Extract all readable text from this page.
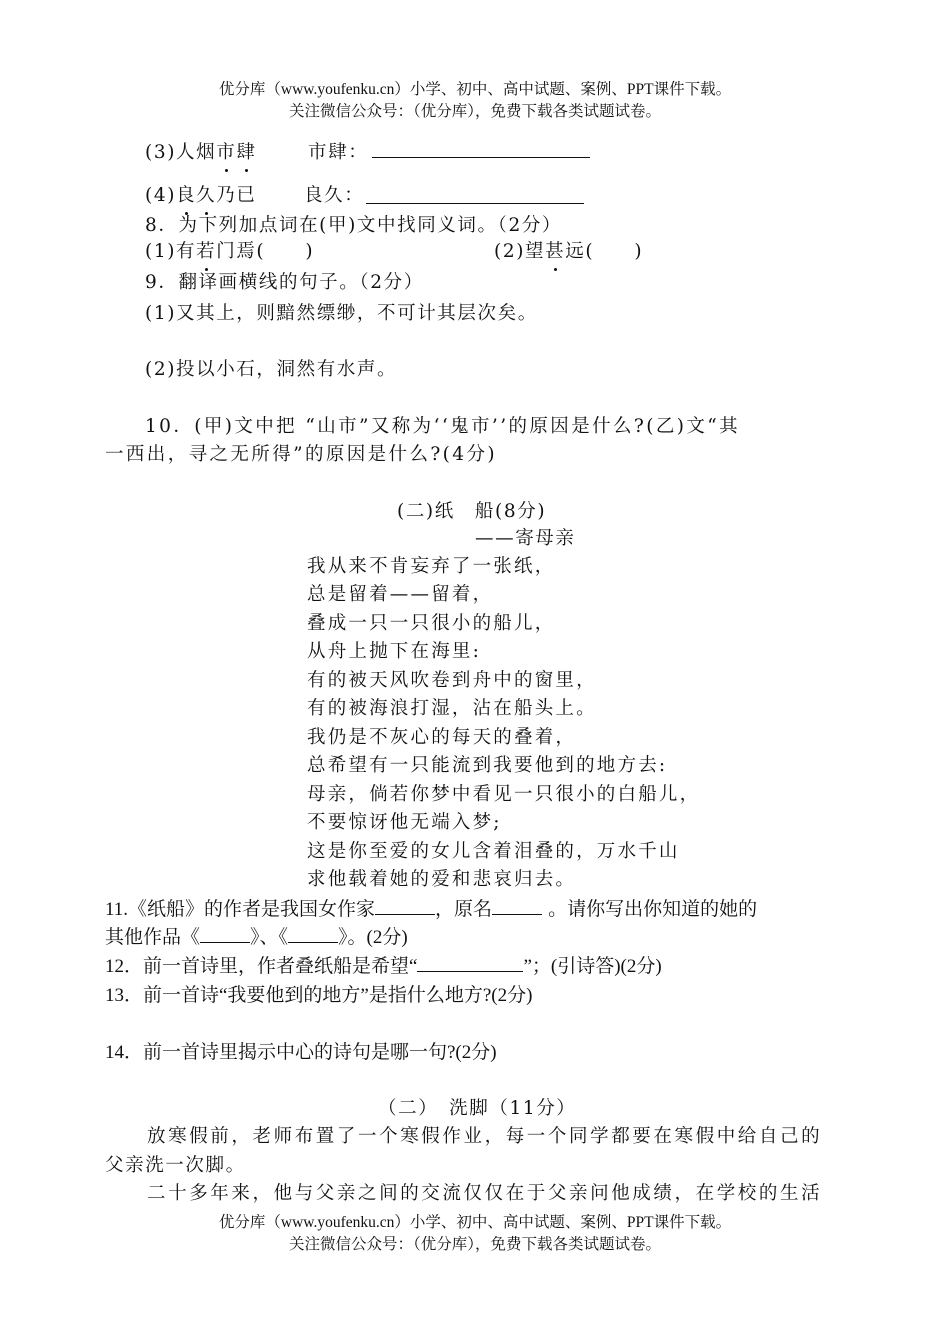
优分库（www.youfenku.cn）小学、初中、高中试题、案例、PPT课件下载。
关注微信公众号：（优分库），免费下载各类试题试卷。
(3)人烟市肆	市肆：
(4)良久乃已	良久：
8．为下列加点词在(甲)文中找同义词。（2分）
(1)有若门焉(　　)	(2)望甚远(　　)
9．翻译画横线的句子。（2分）
(1)又其上，则黯然缥缈，不可计其层次矣。
(2)投以小石，洞然有水声。
10．(甲)文中把 “山市”又称为‘‘鬼市’’的原因是什么?(乙)文“其
一西出，寻之无所得”的原因是什么?(4分)
(二)纸　船(8分)
——寄母亲
我从来不肯妄弃了一张纸，
总是留着——留着，
叠成一只一只很小的船儿，
从舟上抛下在海里:
有的被天风吹卷到舟中的窗里，
有的被海浪打湿，沾在船头上。
我仍是不灰心的每天的叠着，
总希望有一只能流到我要他到的地方去:
母亲，倘若你梦中看见一只很小的白船儿，
不要惊讶他无端入梦;
这是你至爱的女儿含着泪叠的，万水千山
求他载着她的爱和悲哀归去。
11.《纸船》的作者是我国女作家	，原名	。请你写出你知道的她的
其他作品《	》、《	》。(2分)
12．前一首诗里，作者叠纸船是希望“	”；(引诗答)(2分)
13．前一首诗“我要他到的地方”是指什么地方?(2分)
14．前一首诗里揭示中心的诗句是哪一句?(2分)
（二）　洗脚（11分）
放寒假前，老师布置了一个寒假作业，每一个同学都要在寒假中给自己的
父亲洗一次脚。
二十多年来，他与父亲之间的交流仅仅在于父亲问他成绩，在学校的生活
优分库（www.youfenku.cn）小学、初中、高中试题、案例、PPT课件下载。
关注微信公众号：（优分库），免费下载各类试题试卷。
